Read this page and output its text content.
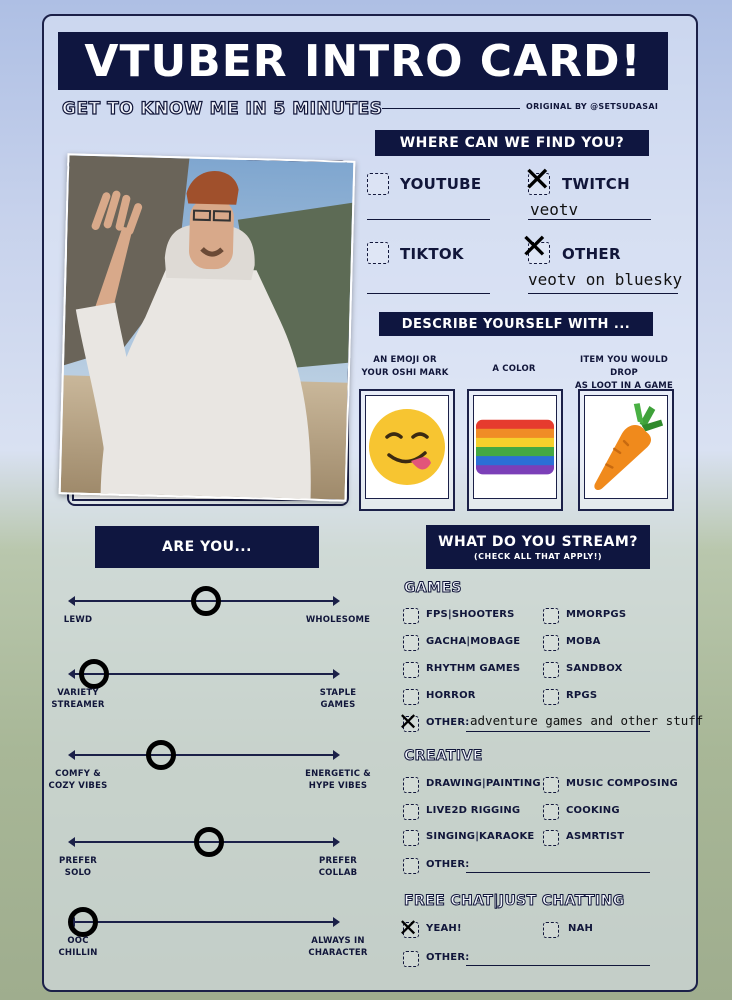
VTUBER INTRO CARD!
GET TO KNOW ME IN 5 MINUTES	ORIGINAL BY @SETSUDASAI
WHERE CAN WE FIND YOU?
YOUTUBE ✕ TWITCH
veotv
TIKTOK ✕ OTHER
veotv on bluesky
DESCRIBE YOURSELF WITH ...
AN EMOJI OR
YOUR OSHI MARK	A COLOR
ITEM YOU WOULD DROP
AS LOOT IN A GAME
ARE YOU...
LEWD	WHOLESOME
VARIETY
STREAMER
STAPLE
GAMES
COMFY &
COZY VIBES
ENERGETIC &
HYPE VIBES
PREFER
SOLO
PREFER
COLLAB
OOC
CHILLIN
ALWAYS IN
CHARACTER
WHAT DO YOU STREAM?
(CHECK ALL THAT APPLY!)
GAMES
FPS|SHOOTERS	MMORPGS
GACHA|MOBAGE	MOBA
RHYTHM GAMES	SANDBOX
HORROR	RPGS
✕ OTHER: adventure games and other stuff
CREATIVE
DRAWING|PAINTING	MUSIC COMPOSING
LIVE2D RIGGING	COOKING
SINGING|KARAOKE	ASMRTIST
OTHER:
FREE CHAT|JUST CHATTING
✕ YEAH!	NAH
OTHER:
